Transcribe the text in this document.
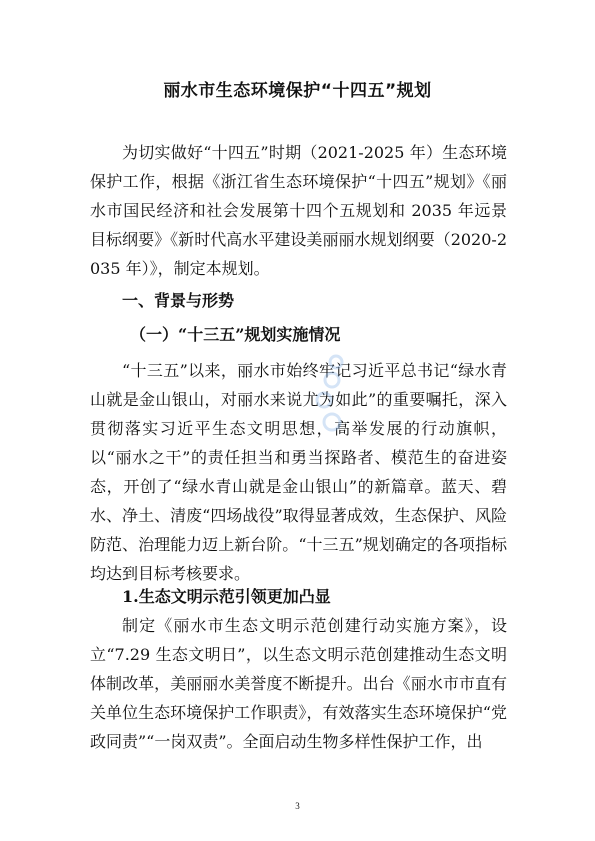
丽水市生态环境保护“十四五”规划

为切实做好“十四五”时期（2021-2025 年）生态环境保护工作，根据《浙江省生态环境保护“十四五”规划》《丽水市国民经济和社会发展第十四个五规划和 2035 年远景目标纲要》《新时代高水平建设美丽丽水规划纲要（2020-2035 年）》，制定本规划。

一、背景与形势
（一）“十三五”规划实施情况

“十三五”以来，丽水市始终牢记习近平总书记“绿水青山就是金山银山，对丽水来说尤为如此”的重要嘱托，深入贯彻落实习近平生态文明思想，高举发展的行动旗帜，以“丽水之干”的责任担当和勇当探路者、模范生的奋进姿态，开创了“绿水青山就是金山银山”的新篇章。蓝天、碧水、净土、清废“四场战役”取得显著成效，生态保护、风险防范、治理能力迈上新台阶。“十三五”规划确定的各项指标均达到目标考核要求。

1.生态文明示范引领更加凸显

制定《丽水市生态文明示范创建行动实施方案》，设立“7.29 生态文明日”，以生态文明示范创建推动生态文明体制改革，美丽丽水美誉度不断提升。出台《丽水市市直有关单位生态环境保护工作职责》，有效落实生态环境保护“党政同责”“一岗双责”。全面启动生物多样性保护工作，出

3
